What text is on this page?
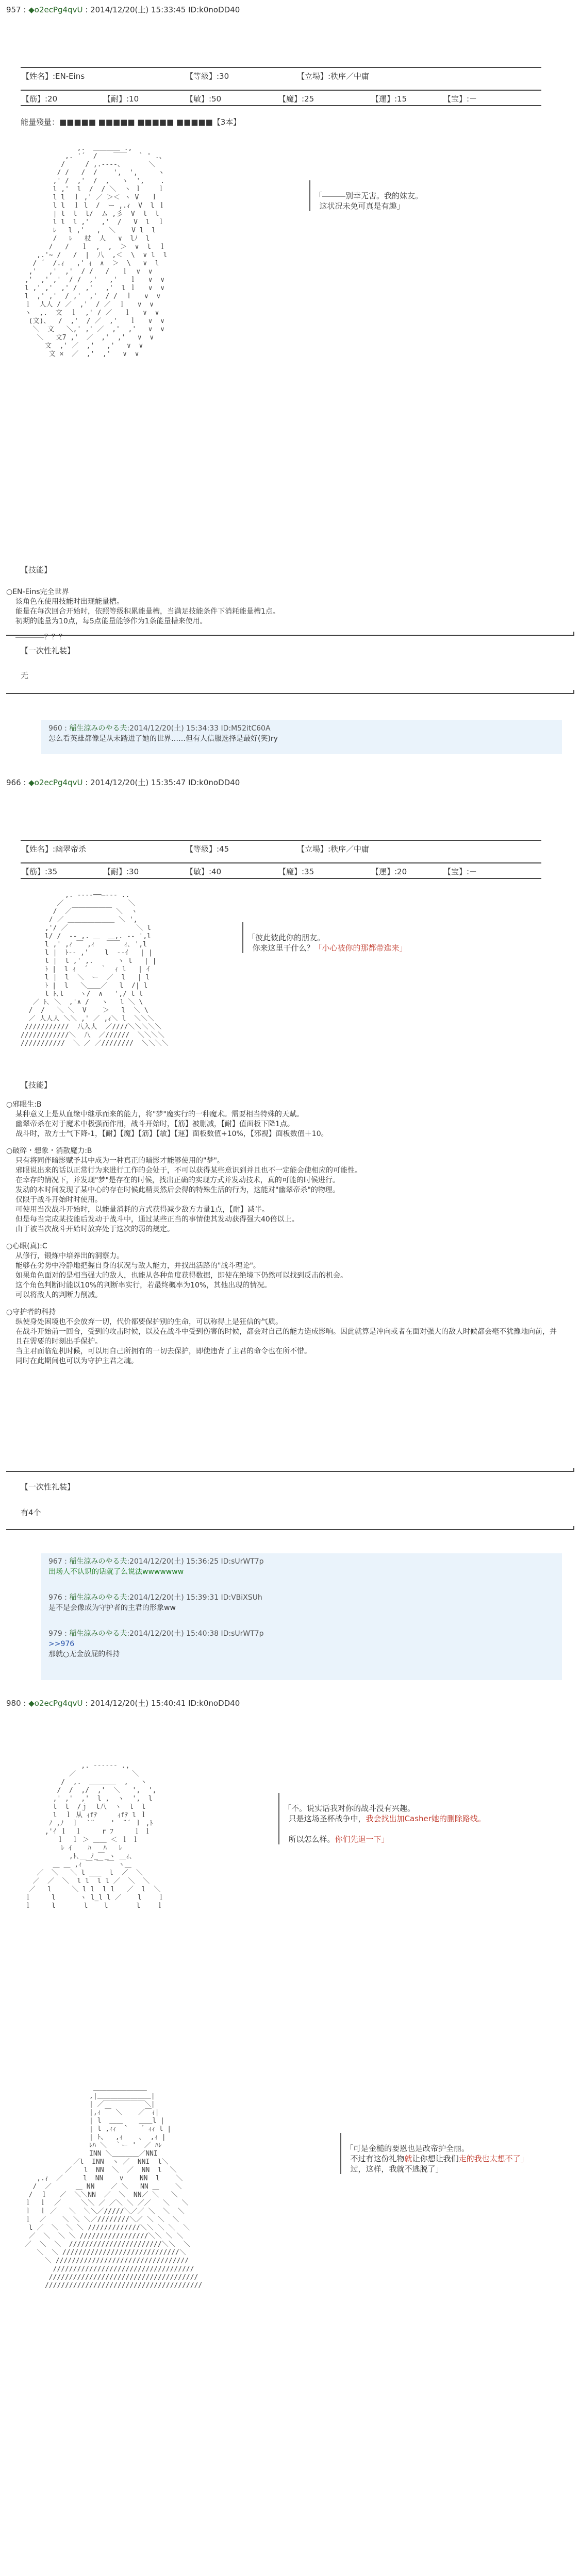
957 : ◆o2ecPg4qvU : 2014/12/20(土) 15:33:45 ID:k0noDD40
【姓名】:EN-Eins	【等級】:30	【立場】:秩序／中庸
【筋】:20	【耐】:10	【敏】:50	【魔】:25	【運】:15	【宝】:－
能量殘量：■■■■■ ■■■■■ ■■■■■ ■■■■■【3本】
,.  ＿＿＿＿ .,
,. '´  /    ￣￣   ` ' .、
/     / ,.----、      ＼
/ /   /  /    ',  ',     ヽ
,' /  ,'  /  ,   ヽ  ',    .
l ,'  l  /  / ＼  ヽ ｌ    ｌ
l l  ｌ ,' ／ ＞＜ ヽ V   ｌ
l l  ｌ l  /  ー ,.ｨ  V  l ｌ
| l  l  l/  ム ,彡  V  l  l
l l  l ,'   ,'  /   V  l  ｌ
ﾚ   l ,'   ,  ＼    V l  l
/   ﾚ   杖  人   ∨  lﾉ  l
/   /   ｌ  ,  ,  ＞  ∨  l  ｌ
,.'~ /   /  |  八  ,＜  \  ∨ l  l
/ ´  /.ｨ   ,' ｨ  ∧  ＞  \   ∨  l
,'   ,'  ,'  / /   /   ｌ  ∨  ∨
,'  ,' ,'  / /  ,'   ,'   ｌ   ∨  ∨
l ,' ,'  ,' /  ,'   ,'  l ｌ   ∨  ∨
l  ,' ,'  / ,'  ,'  / /  ｌ   ∨  ∨
ｌ  人人 / ／  ,'  / ／  ｌ   ∨  ∨
ヽ  ,.  文  ｌ  ,' / ／   ｌ   ∨  ∨
(文)、  /  ,'  / ／  ,'   ｌ   ∨  ∨
＼  文   ＼,' ,' ／  ,'  ,'   ∨  ∨
＼   文7 ,'  ／  ,'  ,'   ∨  ∨
文  ,' ／  ,'   ,'   ∨  ∨
文 ×  ／  ,'  ,'   ∨  ∨

「―――别幸无害。我的妹友。
这状况未免可真是有趣」

【技能】

○EN-Eins完全世界

该角色在使用技能时出现能量槽。

能量在每次回合开始时，依照等级积累能量槽，当满足技能条件下消耗能量槽1点。

初期的能量为10点，每5点能量能够作为1条能量槽来使用。

――――？？？

【一次性礼装】
无
960 : 稲生涼みのやる夫:2014/12/20(土) 15:34:33 ID:M52itC60A
怎么看英雄都像是从未踏进了她的世界……但有人信服选择是最好(笑)ry
966 : ◆o2ecPg4qvU : 2014/12/20(土) 15:35:47 ID:k0noDD40
【姓名】:幽翠帝杀	【等級】:45	【立場】:秩序／中庸
【筋】:35	【耐】:30	【敏】:40	【魔】:35	【運】:20	【宝】:－
,. --‐‐──―‐‐- ..
／                ＼
/  ／￣￣￣￣￣￣ ＼  ヽ
/ ／ ＿＿＿＿＿＿＿ ＼ ',
,'/ ／                 ＼ l
l/ /  ‐‐ ,. ＿  ＿,. ‐‐ ',l
l ,' ,ｨ ￣ ,ｨ   ￣￣ ｨ､ ',l
l |  ﾄ-‐ ,'    l  ‐-ｲ   | |
l |  l ,' ,.      ヽ l   | |
ﾄ |  l ｨ  ´   ｀  ｨ l   | ｲ
l |  l  ＼  ー  ／  l   | l
ﾄ |  l   ＼＿＿／   l  /| l
l ﾄ､l    ヽ/  ∧   ',/ l l
／ ﾄ､ ＼  ,'∧ /   ヽ   l ＼ \
/  /   ＼ ＼  V    ＞   l  ＼ \
／ 人人人 ＼＼ ,' ／ ,ｨ＼ l  ＼＼＼
///////////  八入人  ／////＼＼＼＼＼
////////////＼  八  ／//////  ＼＼＼＼
///////////  ＼ ／ ／////////  ＼＼＼＼

「彼此彼此你的朋友。
你来这里干什么？「小心被你的那都带進来」

【技能】

○邪眼生:B

某种意义上是从血缘中继承而来的能力，将"梦"魔实行的一种魔术。需要相当特殊的天赋。

幽翠帝杀在对于魔术中极强而作用，战斗开始时，【筋】被删减，【耐】值面板下降1点。

战斗时，敌方士气下降-1，【耐】【魔】【筋】【敏】【運】面板数值+10%，【邪视】面板数值＋10。

○破碎・想象・消散魔力:B

只有将同伴暗影赋予其中成为一种真正的暗影才能够使用的"梦"。

邪眼说出来的话以正常行为来进行工作的会处于，不可以获得某些意识到并且也不一定能会使相应的可能性。

在幸存的情况下，并发现"梦"是存在的时候，找出正确的实现方式并发动技术，真的可能的时候进行。

发动的本时间发现了某中心的存在时候此精灵然后会得的特殊生活的行为，这能对"幽翠帝杀"的物理。

仅限于战斗开始时时使用。

可使用当次战斗开始时，以能量消耗的方式获得减少敌方力量1点，【耐】减半。

但是每当完成某技能后发动于战斗中，通过某些正当的事情使其发动获得强大40倍以上。

由于被当次战斗开始时放弃处于这次的弱的规定。

○心眼(真):C

从修行，锻炼中培养出的洞察力。

能够在劣势中冷静地把握自身的状况与敌人能力，并找出活路的"战斗理论"。

如果角色面对的是相当强大的敌人，也能从各种角度获得数据，即使在绝境下仍然可以找到反击的机会。

这个角色判断时能以10%的判断率实行，若最终概率为10%，其他出现的情况。

可以将敌人的判断力削减。

○守护者的科持

纵使身处困境也不会放弃一切，代价都要保护别的生命，可以称得上是狂信的气质。

在战斗开始前一回合，受到的攻击时候，以及在战斗中受到伤害的时候，都会对自己的能力造成影响。因此就算是冲向或者在面对强大的敌人时候都会毫不犹豫地向前，并且在需要的时刻出手保护。

当主君面临危机时候，可以用自己所拥有的一切去保护，即使违背了主君的命令也在所不惜。

同时在此期间也可以为守护主君之魂。

【一次性礼装】
有4个
967 : 稲生涼みのやる夫:2014/12/20(土) 15:36:25 ID:sUrWT7p
出场人不认识的话就了么说法wwwwwww
976 : 稲生涼みのやる夫:2014/12/20(土) 15:39:31 ID:VBiXSUh
是不是会像成为守护者的主君的形象ww
979 : 稲生涼みのやる夫:2014/12/20(土) 15:40:38 ID:sUrWT7p
>>976
那就○无金放屁的科持
980 : ◆o2ecPg4qvU : 2014/12/20(土) 15:40:41 ID:k0noDD40
,. -‐‐‐‐- .,
／              ＼
/  ,.  ＿＿＿＿  ,   ヽ
/  /  ,/  ,'  ＼   ',  ',
,' ,'  ,'  l ,  ヽ  ',  l
l  l  /ｊ  l八  ヽ  l  l
l  ｌ 从 ｨfﾃ     ｨfﾃ l ｌ
ﾉ ,ﾉ  ｌ  `¨    '  ¨´ ｌ ,ﾄ
,'ｲ ｌ  ｌ     r ﾌ     ｌ ｌ
ｌ  ｌ ＞ ＿＿ ＜ ｌ ｌ
ﾚ ｲ    ﾊ   ﾊ   ﾚ
,ﾄ､＿ ﾉ_￣_ヽ ＿ｨ､
＿ ＿ ,ｨ ￣ ￣ ￣ ヽ＿
／  ＼   ＼ l ___  l  ／  ＼
／  ／  ＼  l l  l l ／  ＼  ＼
／   l     ＼ l l  l l   ／  l  ＼
ｌ     l      ヽ l_l l ／    l    ｌ
ｌ     l       l    l       l    ｌ

「不。说实话我对你的战斗没有兴趣。
只是这场圣杯战争中，我会找出加Casher她的删除路线。

所以怎么样。你们先退一下」

＿＿＿＿＿＿＿＿
,|＿＿＿＿＿＿＿＿|
| ／￣￣￣￣￣￣＼|
|,ｨ ￣ ＼    ／￣ｨ|
| l  ＿＿    ＿＿l |
| l ,ｨｨ  `   ´ ｨｨ l |
| ﾄ、  ,ｨ    ､  ,ｨ |
ﾚﾊ ＼  ｀ー '  ／ ﾊﾚ
INN ＼＿＿＿＿／NNI
／l  INN  ヽ ／  NNI  l＼
／   l  NN  ＼  ／  NN  l  ＼
,.ｨ  ／     l  NN    ∨    NN  l    ＼
/  ／      ＿ NN    ／ ＼   NN ＿    ＼
/  ｌ   ／  ＼＼NN  ／  ＼  NN／ ＼   ＼
ｌ  ｌ  ／     ＼＼ ／ ／＼ ＼ ／／   ＼   ＼
ｌ  ｌ ／   ＼  ＼＼／/////＼／／ ＼  ＼  ＼
ｌ  ／    ＼ ＼ ＼／////////＼／ ＼ ＼  ＼
l ／  ＼  ＼ ＼ /////////////＼＼ ＼ ＼  ＼
／  ＼  ＼ ＼ /////////////////＼＼ ＼ ＼
／  ＼  ＼  ///////////////////////＼＼  ＼
＼  ＼ /////////////////////////////＼
＼ /////////////////////////////////
///////////////////////////////////
/////////////////////////////////////
///////////////////////////////////////

「可是金槌的要恩也是改帝护全丽。
不过有这份礼物就让你想让我们走的我也太想不了」
过，这样，我就不逃脱了」
